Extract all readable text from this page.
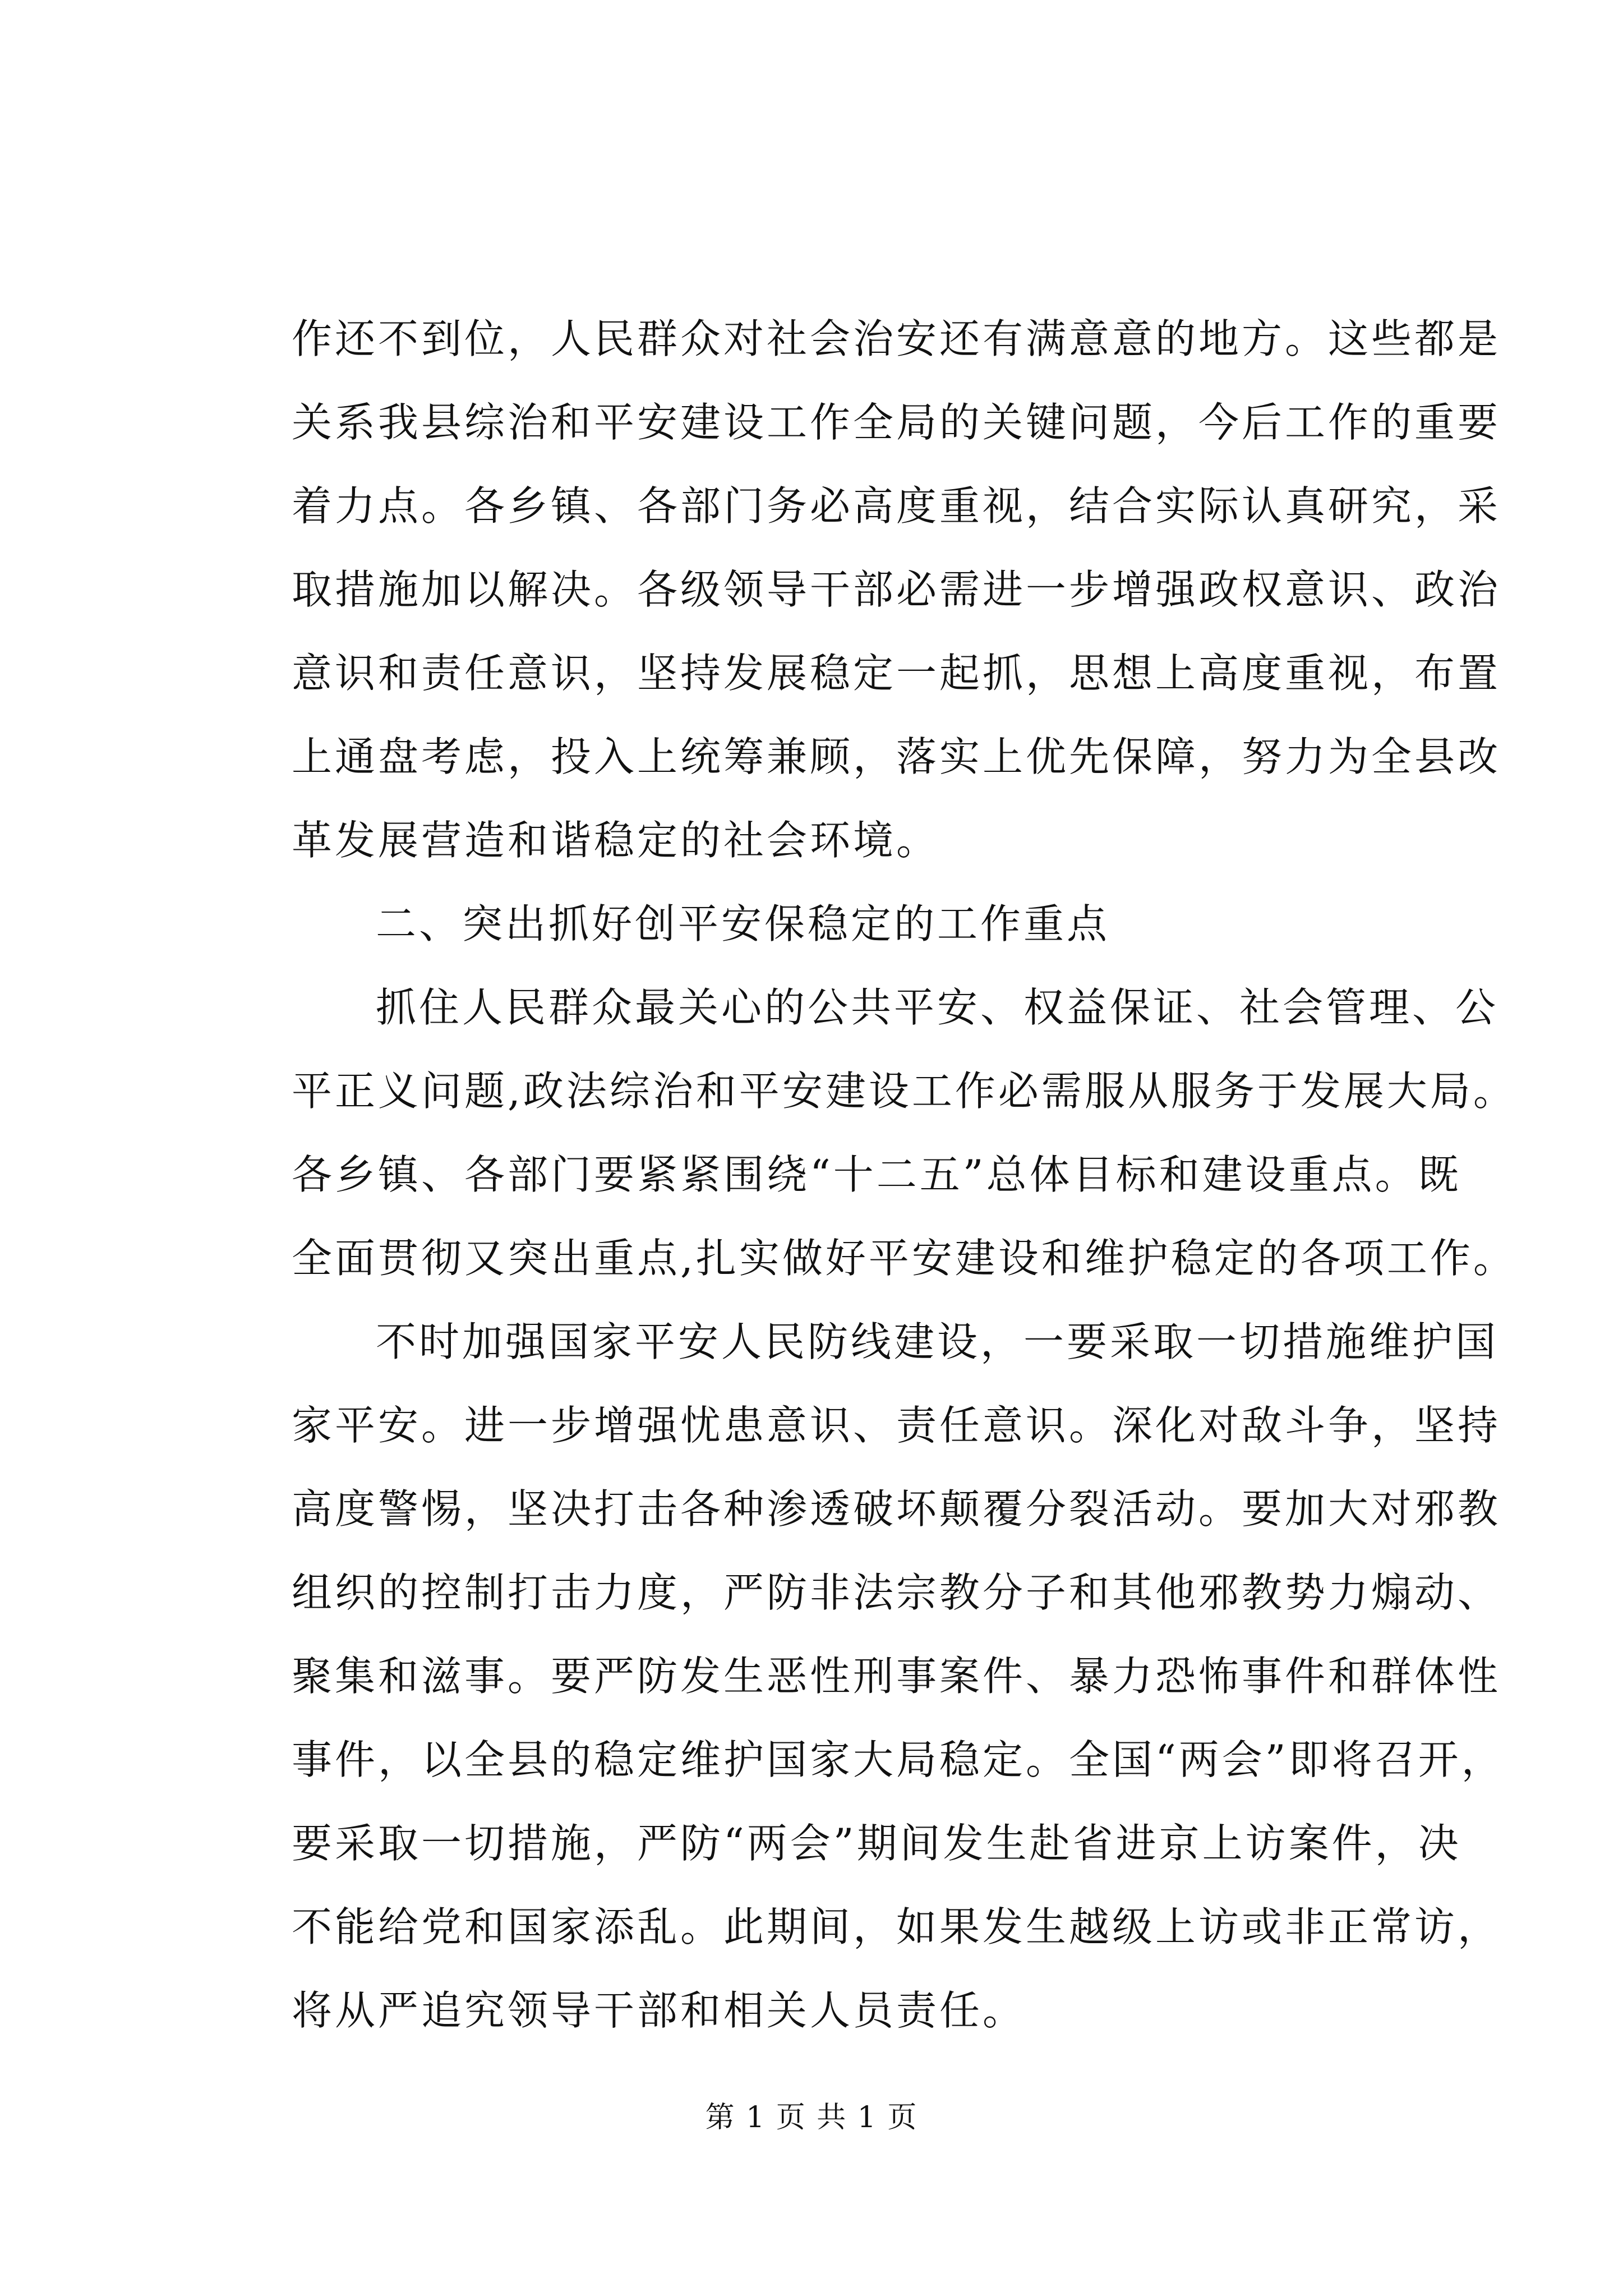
作还不到位，人民群众对社会治安还有满意意的地方。这些都是
关系我县综治和平安建设工作全局的关键问题，今后工作的重要
着力点。各乡镇、各部门务必高度重视，结合实际认真研究，采
取措施加以解决。各级领导干部必需进一步增强政权意识、政治
意识和责任意识，坚持发展稳定一起抓，思想上高度重视，布置
上通盘考虑，投入上统筹兼顾，落实上优先保障，努力为全县改
革发展营造和谐稳定的社会环境。
二、突出抓好创平安保稳定的工作重点
抓住人民群众最关心的公共平安、权益保证、社会管理、公
平正义问题,政法综治和平安建设工作必需服从服务于发展大局。
各乡镇、各部门要紧紧围绕“十二五”总体目标和建设重点。既
全面贯彻又突出重点,扎实做好平安建设和维护稳定的各项工作。
不时加强国家平安人民防线建设，一要采取一切措施维护国
家平安。进一步增强忧患意识、责任意识。深化对敌斗争，坚持
高度警惕，坚决打击各种渗透破坏颠覆分裂活动。要加大对邪教
组织的控制打击力度，严防非法宗教分子和其他邪教势力煽动、
聚集和滋事。要严防发生恶性刑事案件、暴力恐怖事件和群体性
事件，以全县的稳定维护国家大局稳定。全国“两会”即将召开，
要采取一切措施，严防“两会”期间发生赴省进京上访案件，决
不能给党和国家添乱。此期间，如果发生越级上访或非正常访，
将从严追究领导干部和相关人员责任。
第 1 页 共 1 页
